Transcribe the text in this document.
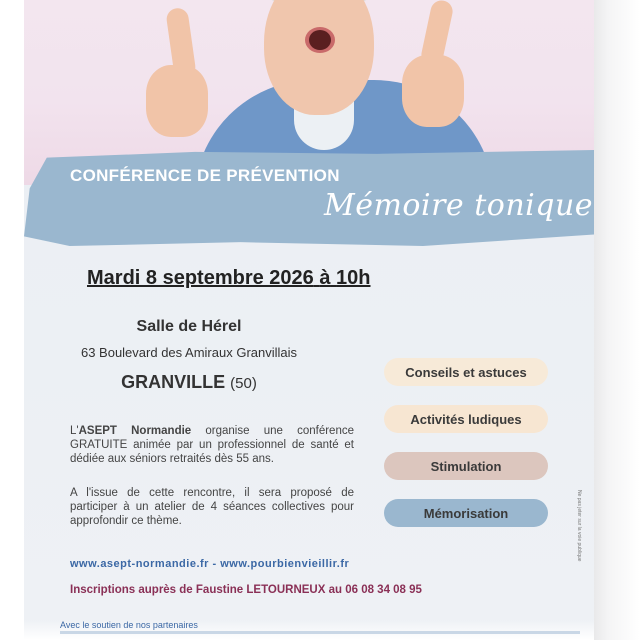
CONFÉRENCE DE PRÉVENTION
Mémoire tonique
Mardi 8 septembre 2026 à 10h
Salle de Hérel
63 Boulevard des Amiraux Granvillais
GRANVILLE (50)
L'ASEPT Normandie organise une conférence GRATUITE animée par un professionnel de santé et dédiée aux séniors retraités dès 55 ans.
A l'issue de cette rencontre, il sera proposé de participer à un atelier de 4 séances collectives pour approfondir ce thème.
Conseils et astuces
Activités ludiques
Stimulation
Mémorisation
www.asept-normandie.fr - www.pourbienvieillir.fr
Inscriptions auprès de Faustine LETOURNEUX au 06 08 34 08 95
Avec le soutien de nos partenaires
Ne pas jeter sur la voie publique
